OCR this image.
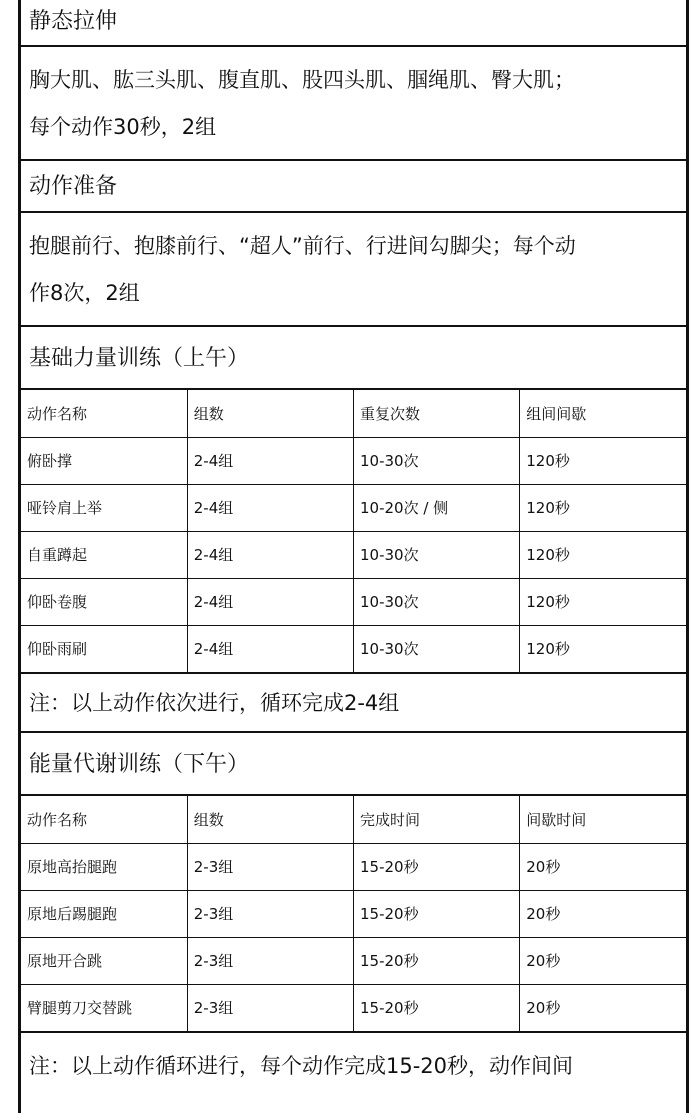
静态拉伸
胸大肌、肱三头肌、腹直肌、股四头肌、腘绳肌、臀大肌；
每个动作30秒，2组
动作准备
抱腿前行、抱膝前行、“超人”前行、行进间勾脚尖；每个动
作8次，2组
基础力量训练（上午）
动作名称	组数	重复次数	组间间歇
俯卧撑	2-4组	10-30次	120秒
哑铃肩上举	2-4组	10-20次 / 侧	120秒
自重蹲起	2-4组	10-30次	120秒
仰卧卷腹	2-4组	10-30次	120秒
仰卧雨刷	2-4组	10-30次	120秒
注：以上动作依次进行，循环完成2-4组
能量代谢训练（下午）
动作名称	组数	完成时间	间歇时间
原地高抬腿跑	2-3组	15-20秒	20秒
原地后踢腿跑	2-3组	15-20秒	20秒
原地开合跳	2-3组	15-20秒	20秒
臂腿剪刀交替跳	2-3组	15-20秒	20秒
注：以上动作循环进行，每个动作完成15-20秒，动作间间
